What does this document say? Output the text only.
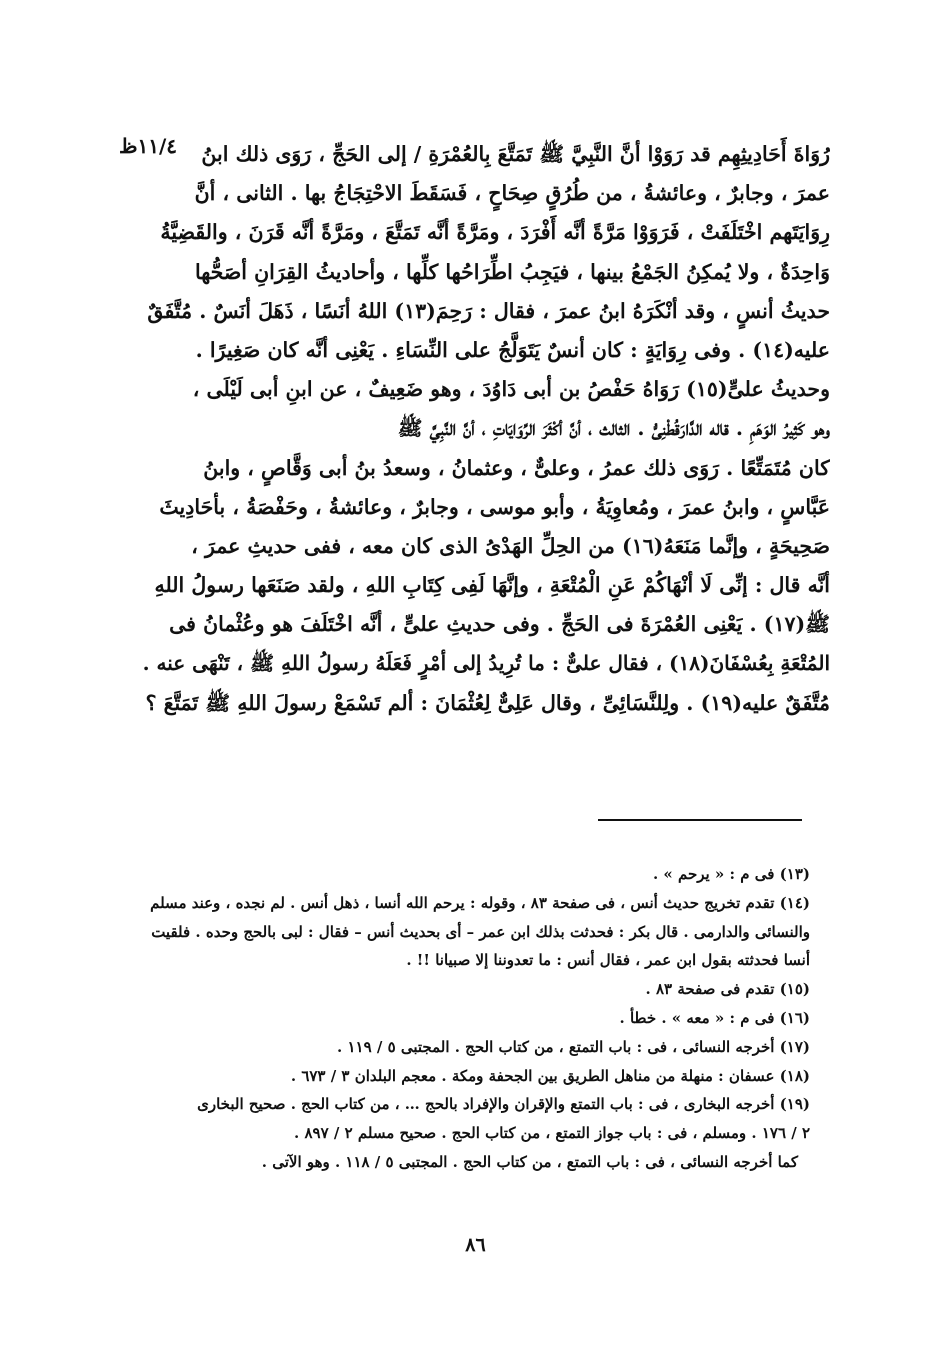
١١/٤ظ	رُوَاةَ أَحَادِيثِهِم قد رَوَوْا أنَّ النَّبِيَّ ﷺ تَمَتَّعَ بِالعُمْرَةِ / إلى الحَجِّ ، رَوَى ذلك ابنُ
عمرَ ، وجابرٌ ، وعائشةُ ، من طُرُقٍ صِحَاحٍ ، فَسَقَطَ الاحْتِجَاجُ بها . الثانى ، أنَّ
رِوَايَتَهم اخْتَلَفَتْ ، فَرَوَوْا مَرَّةً أنَّه أَفْرَدَ ، ومَرَّةً أنَّه تَمَتَّعَ ، ومَرَّةً أنَّه قَرَنَ ، والقَضِيَّةُ
وَاحِدَةٌ ، ولا يُمكِنُ الجَمْعُ بينها ، فيَجِبُ اطِّرَاحُها كلِّها ، وأحاديثُ القِرَانِ أصَحُّها
حديثُ أنسٍ ، وقد أنْكَرَهُ ابنُ عمرَ ، فقال : رَحِمَ(١٣) اللهُ أنَسًا ، ذَهَلَ أنَسٌ . مُتَّفَقٌ
عليه(١٤) . وفى رِوَايَةٍ : كان أنسٌ يَتَوَلَّجُ على النِّسَاءِ . يَعْنِى أنَّه كان صَغِيرًا .
وحديثُ علىٍّ(١٥) رَوَاهُ حَفْصُ بن أبى دَاوُدَ ، وهو ضَعِيفٌ ، عن ابنِ أبى لَيْلَى ،
وهو كَثِيرُ الوَهَمِ . قاله الدَّارَقُطْنِىُّ . الثالث ، أنَّ أكْثَرَ الرِّوَايَاتِ ، أنَّ النَّبِيَّ ﷺ
كان مُتَمَتِّعًا . رَوَى ذلك عمرُ ، وعلىٌّ ، وعثمانُ ، وسعدُ بنُ أبى وَقَّاصٍ ، وابنُ
عَبَّاسٍ ، وابنُ عمرَ ، ومُعاوِيَةُ ، وأبو موسى ، وجابرٌ ، وعائشةُ ، وحَفْصَةُ ، بأحَادِيثَ
صَحِيحَةٍ ، وإنَّما مَنَعَهُ(١٦) من الحِلِّ الهَدْىُ الذى كان معه ، ففى حديثِ عمرَ ،
أنَّه قال : إنِّى لَا أنْهَاكُمْ عَنِ الْمُتْعَةِ ، وإنَّهَا لَفِى كِتَابِ اللهِ ، ولقد صَنَعَها رسولُ اللهِ
ﷺ(١٧) . يَعْنِى العُمْرَةَ فى الحَجِّ . وفى حديثِ علىٍّ ، أنَّه اخْتَلَفَ هو وعُثْمانُ فى
المُتْعَةِ بِعُسْفَانَ(١٨) ، فقال علىٌّ : ما تُرِيدُ إلى أمْرٍ فَعَلَهُ رسولُ اللهِ ﷺ ، تَنْهَى عنه .
مُتَّفَقٌ عليه(١٩) . ولِلنَّسَائِىِّ ، وقال عَلِىٌّ لِعُثْمَانَ : ألم تَسْمَعْ رسولَ اللهِ ﷺ تَمَتَّعَ ؟
(١٣) فى م : « يرحم » .
(١٤) تقدم تخريج حديث أنس ، فى صفحة ٨٣ ، وقوله : يرحم الله أنسا ، ذهل أنس . لم نجده ، وعند مسلم
والنسائى والدارمى . قال بكر : فحدثت بذلك ابن عمر – أى بحديث أنس – فقال : لبى بالحج وحده . فلقيت
أنسا فحدثته بقول ابن عمر ، فقال أنس : ما تعدوننا إلا صبيانا !! .
(١٥) تقدم فى صفحة ٨٣ .
(١٦) فى م : « معه » . خطأ .
(١٧) أخرجه النسائى ، فى : باب التمتع ، من كتاب الحج . المجتبى ٥ / ١١٩ .
(١٨) عسفان : منهلة من مناهل الطريق بين الجحفة ومكة . معجم البلدان ٣ / ٦٧٣ .
(١٩) أخرجه البخارى ، فى : باب التمتع والإقران والإفراد بالحج … ، من كتاب الحج . صحيح البخارى
٢ / ١٧٦ . ومسلم ، فى : باب جواز التمتع ، من كتاب الحج . صحيح مسلم ٢ / ٨٩٧ .
كما أخرجه النسائى ، فى : باب التمتع ، من كتاب الحج . المجتبى ٥ / ١١٨ . وهو الآتى .
٨٦
